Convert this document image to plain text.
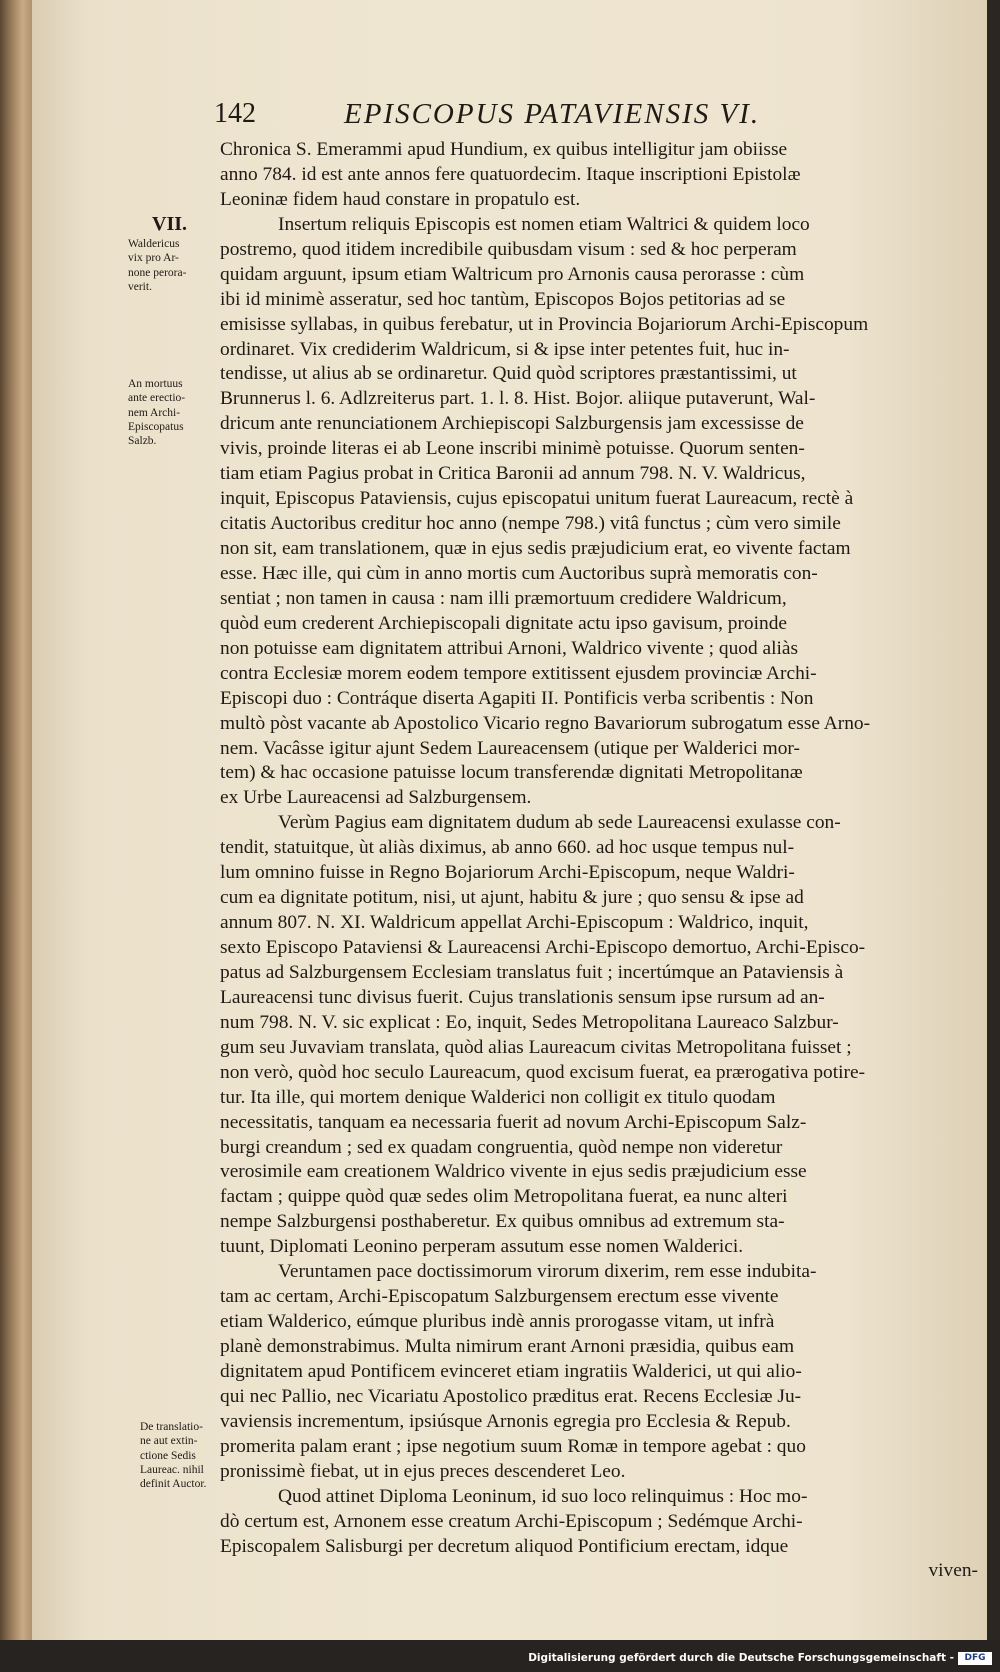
142	EPISCOPUS PATAVIENSIS VI.
VII.
Waldericus
vix pro Ar-
none perora-
verit.
An mortuus
ante erectio-
nem Archi-
Episcopatus
Salzb.
De translatio-
ne aut extin-
ctione Sedis
Laureac. nihil
definit Auctor.
Chronica S. Emerammi apud Hundium, ex quibus intelligitur jam obiisse
anno 784. id est ante annos fere quatuordecim. Itaque inscriptioni Epistolæ
Leoninæ fidem haud constare in propatulo est.
Insertum reliquis Episcopis est nomen etiam Waltrici & quidem loco
postremo, quod itidem incredibile quibusdam visum : sed & hoc perperam
quidam arguunt, ipsum etiam Waltricum pro Arnonis causa perorasse : cùm
ibi id minimè asseratur, sed hoc tantùm, Episcopos Bojos petitorias ad se
emisisse syllabas, in quibus ferebatur, ut in Provincia Bojariorum Archi-Episcopum
ordinaret. Vix crediderim Waldricum, si & ipse inter petentes fuit, huc in-
tendisse, ut alius ab se ordinaretur. Quid quòd scriptores præstantissimi, ut
Brunnerus l. 6. Adlzreiterus part. 1. l. 8. Hist. Bojor. aliique putaverunt, Wal-
dricum ante renunciationem Archiepiscopi Salzburgensis jam excessisse de
vivis, proinde literas ei ab Leone inscribi minimè potuisse. Quorum senten-
tiam etiam Pagius probat in Critica Baronii ad annum 798. N. V. Waldricus,
inquit, Episcopus Pataviensis, cujus episcopatui unitum fuerat Laureacum, rectè à
citatis Auctoribus creditur hoc anno (nempe 798.) vitâ functus ; cùm vero simile
non sit, eam translationem, quæ in ejus sedis præjudicium erat, eo vivente factam
esse. Hæc ille, qui cùm in anno mortis cum Auctoribus suprà memoratis con-
sentiat ; non tamen in causa : nam illi præmortuum credidere Waldricum,
quòd eum crederent Archiepiscopali dignitate actu ipso gavisum, proinde
non potuisse eam dignitatem attribui Arnoni, Waldrico vivente ; quod aliàs
contra Ecclesiæ morem eodem tempore extitissent ejusdem provinciæ Archi-
Episcopi duo : Contráque diserta Agapiti II. Pontificis verba scribentis : Non
multò pòst vacante ab Apostolico Vicario regno Bavariorum subrogatum esse Arno-
nem. Vacâsse igitur ajunt Sedem Laureacensem (utique per Walderici mor-
tem) & hac occasione patuisse locum transferendæ dignitati Metropolitanæ
ex Urbe Laureacensi ad Salzburgensem.
Verùm Pagius eam dignitatem dudum ab sede Laureacensi exulasse con-
tendit, statuitque, ùt aliàs diximus, ab anno 660. ad hoc usque tempus nul-
lum omnino fuisse in Regno Bojariorum Archi-Episcopum, neque Waldri-
cum ea dignitate potitum, nisi, ut ajunt, habitu & jure ; quo sensu & ipse ad
annum 807. N. XI. Waldricum appellat Archi-Episcopum : Waldrico, inquit,
sexto Episcopo Pataviensi & Laureacensi Archi-Episcopo demortuo, Archi-Episco-
patus ad Salzburgensem Ecclesiam translatus fuit ; incertúmque an Pataviensis à
Laureacensi tunc divisus fuerit. Cujus translationis sensum ipse rursum ad an-
num 798. N. V. sic explicat : Eo, inquit, Sedes Metropolitana Laureaco Salzbur-
gum seu Juvaviam translata, quòd alias Laureacum civitas Metropolitana fuisset ;
non verò, quòd hoc seculo Laureacum, quod excisum fuerat, ea prærogativa potire-
tur. Ita ille, qui mortem denique Walderici non colligit ex titulo quodam
necessitatis, tanquam ea necessaria fuerit ad novum Archi-Episcopum Salz-
burgi creandum ; sed ex quadam congruentia, quòd nempe non videretur
verosimile eam creationem Waldrico vivente in ejus sedis præjudicium esse
factam ; quippe quòd quæ sedes olim Metropolitana fuerat, ea nunc alteri
nempe Salzburgensi posthaberetur. Ex quibus omnibus ad extremum sta-
tuunt, Diplomati Leonino perperam assutum esse nomen Walderici.
Veruntamen pace doctissimorum virorum dixerim, rem esse indubita-
tam ac certam, Archi-Episcopatum Salzburgensem erectum esse vivente
etiam Walderico, eúmque pluribus indè annis prorogasse vitam, ut infrà
planè demonstrabimus. Multa nimirum erant Arnoni præsidia, quibus eam
dignitatem apud Pontificem evinceret etiam ingratiis Walderici, ut qui alio-
qui nec Pallio, nec Vicariatu Apostolico præditus erat. Recens Ecclesiæ Ju-
vaviensis incrementum, ipsiúsque Arnonis egregia pro Ecclesia & Repub.
promerita palam erant ; ipse negotium suum Romæ in tempore agebat : quo
pronissimè fiebat, ut in ejus preces descenderet Leo.
Quod attinet Diploma Leoninum, id suo loco relinquimus : Hoc mo-
dò certum est, Arnonem esse creatum Archi-Episcopum ; Sedémque Archi-
Episcopalem Salisburgi per decretum aliquod Pontificium erectam, idque
viven-
Digitalisierung gefördert durch die Deutsche Forschungsgemeinschaft -	DFG
